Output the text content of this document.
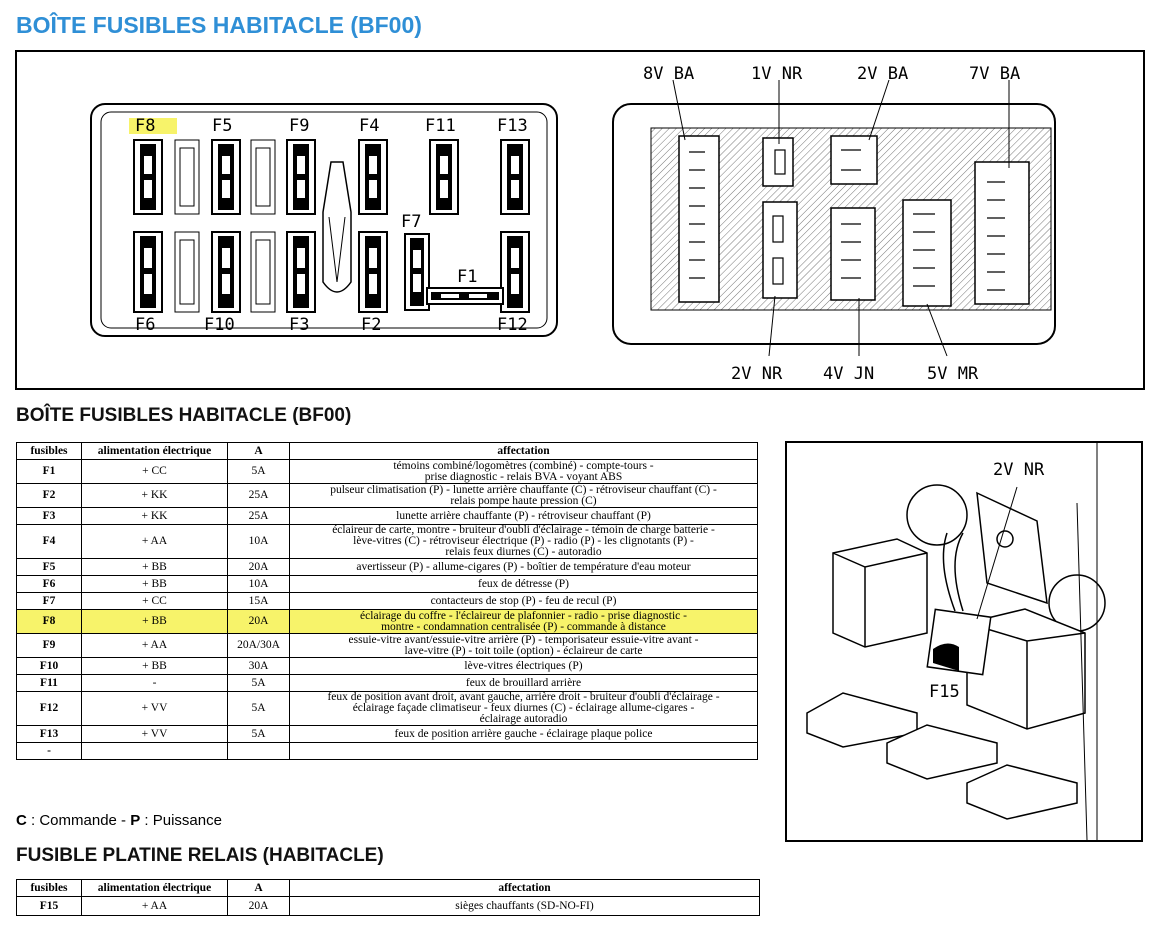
BOÎTE FUSIBLES HABITACLE (BF00)
F8	F5	F9	F4	F11 F13
F6	F10	F3	F2	F12
F7
F1
8V BA	1V NR	2V BA	7V BA
2V NR 4V JN	5V MR
BOÎTE FUSIBLES HABITACLE (BF00)
fusibles	alimentation électrique	A	affectation
F1	+ CC	5A	témoins combiné/logomètres (combiné) - compte-tours -
prise diagnostic - relais BVA - voyant ABS

F2	+ KK	25A	pulseur climatisation (P) - lunette arrière chauffante (C) - rétroviseur chauffant (C) -
relais pompe haute pression (C)

F3	+ KK	25A	lunette arrière chauffante (P) - rétroviseur chauffant (P)

F4	+ AA	10A	éclaireur de carte, montre - bruiteur d'oubli d'éclairage - témoin de charge batterie -
lève-vitres (C) - rétroviseur électrique (P) - radio (P) - les clignotants (P) -
relais feux diurnes (C) - autoradio

F5	+ BB	20A	avertisseur (P) - allume-cigares (P) - boîtier de température d'eau moteur

F6	+ BB	10A	feux de détresse (P)

F7	+ CC	15A	contacteurs de stop (P) - feu de recul (P)

F8	+ BB	20A	éclairage du coffre - l'éclaireur de plafonnier - radio - prise diagnostic -
montre - condamnation centralisée (P) - commande à distance

F9	+ AA	20A/30A	essuie-vitre avant/essuie-vitre arrière (P) - temporisateur essuie-vitre avant -
lave-vitre (P) - toit toile (option) - éclaireur de carte

F10	+ BB	30A	lève-vitres électriques (P)

F11	-	5A	feux de brouillard arrière

F12	+ VV	5A	feux de position avant droit, avant gauche, arrière droit - bruiteur d'oubli d'éclairage -
éclairage façade climatiseur - feux diurnes (C) - éclairage allume-cigares -
éclairage autoradio

F13	+ VV	5A	feux de position arrière gauche - éclairage plaque police

-			
C : Commande - P : Puissance
FUSIBLE PLATINE RELAIS (HABITACLE)
fusibles	alimentation électrique	A	affectation
F15	+ AA	20A	sièges chauffants (SD-NO-FI)
2V NR
F15
